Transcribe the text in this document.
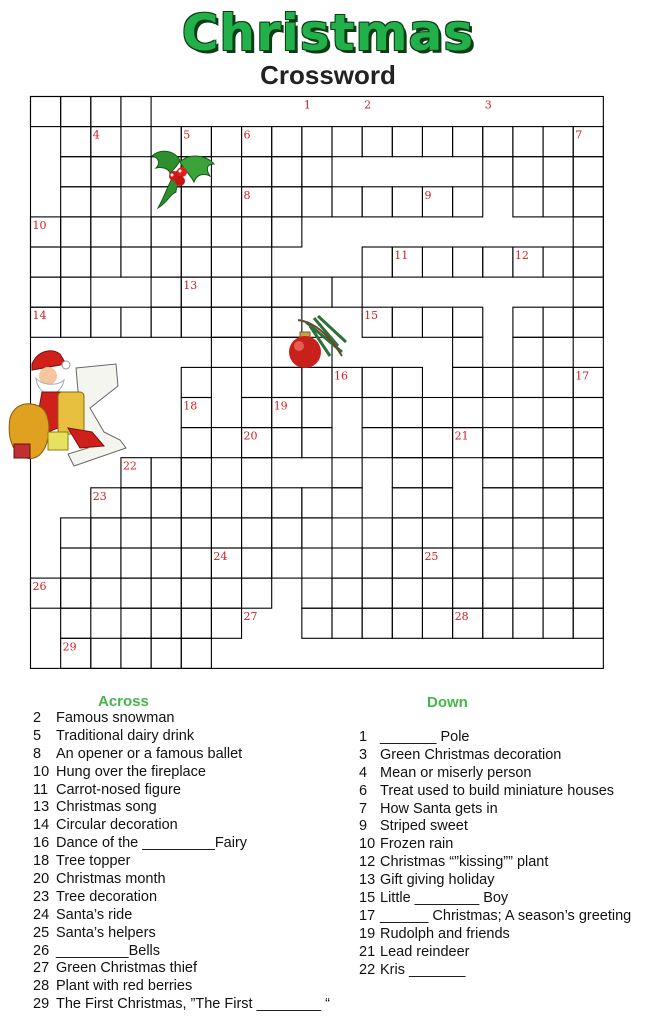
Christmas
Crossword
1	2	3
4	5	6	7
8	9
10
11	12
13
14	15
16	17
18	19
20	21
22
23
24	25
26
27	28
29
Across	Down
2 Famous snowman
5 Traditional dairy drink
8 An opener or a famous ballet
10 Hung over the fireplace
11 Carrot-nosed figure
13 Christmas song
14 Circular decoration
16 Dance of the _________Fairy
18 Tree topper
20 Christmas month
23 Tree decoration
24 Santa’s ride
25 Santa’s helpers
26 _________Bells
27 Green Christmas thief
28 Plant with red berries
29 The First Christmas, ”The First ________ “
1 _______ Pole
3 Green Christmas decoration
4 Mean or miserly person
6 Treat used to build miniature houses
7 How Santa gets in
9 Striped sweet
10 Frozen rain
12 Christmas “”kissing”” plant
13 Gift giving holiday
15 Little ________ Boy
17 ______ Christmas; A season’s greeting
19 Rudolph and friends
21 Lead reindeer
22 Kris _______
